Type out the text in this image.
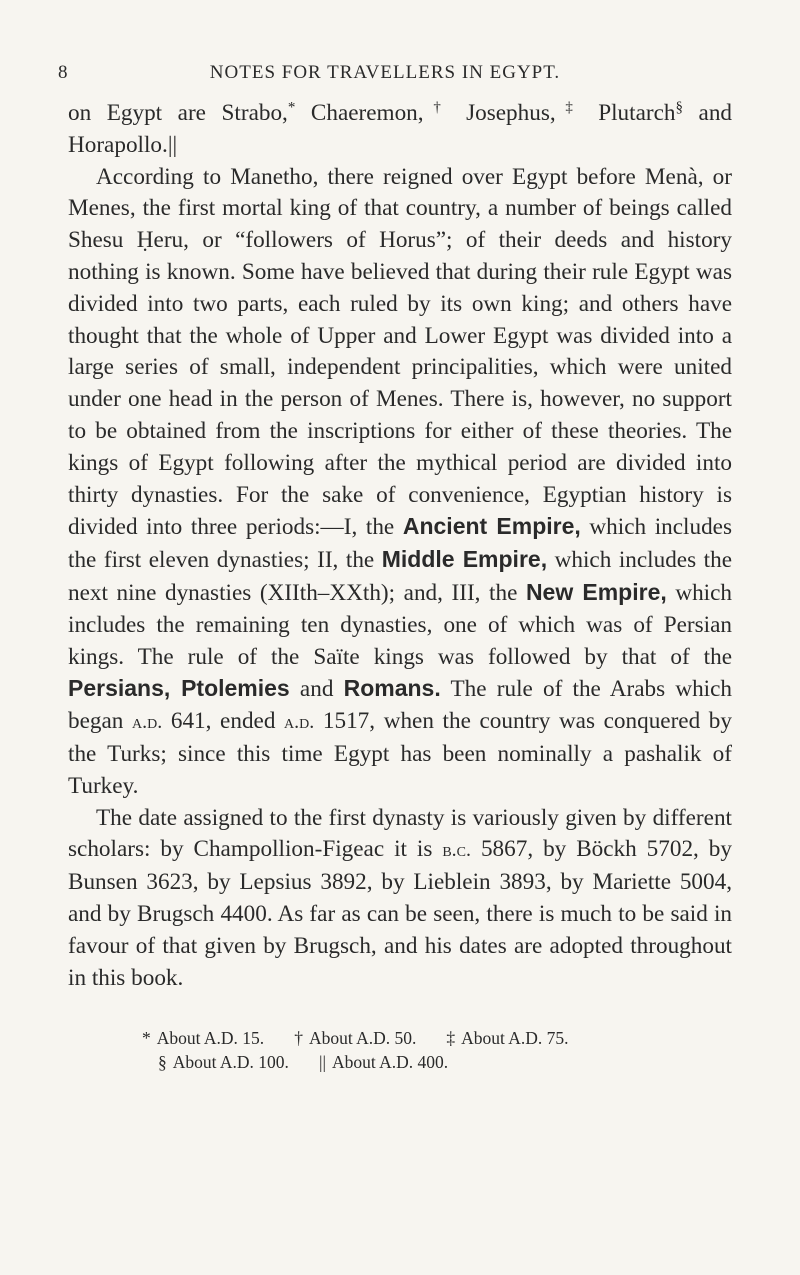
8	NOTES FOR TRAVELLERS IN EGYPT.

on Egypt are Strabo,* Chaeremon,† Josephus,‡ Plutarch§ and Horapollo.||

According to Manetho, there reigned over Egypt before Menà, or Menes, the first mortal king of that country, a number of beings called Shesu Ḥeru, or “followers of Horus”; of their deeds and history nothing is known. Some have believed that during their rule Egypt was divided into two parts, each ruled by its own king; and others have thought that the whole of Upper and Lower Egypt was divided into a large series of small, independent principalities, which were united under one head in the person of Menes. There is, however, no support to be obtained from the inscriptions for either of these theories. The kings of Egypt following after the mythical period are divided into thirty dynasties. For the sake of convenience, Egyptian history is divided into three periods:—I, the Ancient Empire, which includes the first eleven dynasties; II, the Middle Empire, which includes the next nine dynasties (XIIth–XXth); and, III, the New Empire, which includes the remaining ten dynasties, one of which was of Persian kings. The rule of the Saïte kings was followed by that of the Persians, Ptolemies and Romans. The rule of the Arabs which began a.d. 641, ended a.d. 1517, when the country was conquered by the Turks; since this time Egypt has been nominally a pashalik of Turkey.

The date assigned to the first dynasty is variously given by different scholars: by Champollion-Figeac it is b.c. 5867, by Böckh 5702, by Bunsen 3623, by Lepsius 3892, by Lieblein 3893, by Mariette 5004, and by Brugsch 4400. As far as can be seen, there is much to be said in favour of that given by Brugsch, and his dates are adopted throughout in this book.

* About A.D. 15. † About A.D. 50. ‡ About A.D. 75.
§ About A.D. 100. || About A.D. 400.
